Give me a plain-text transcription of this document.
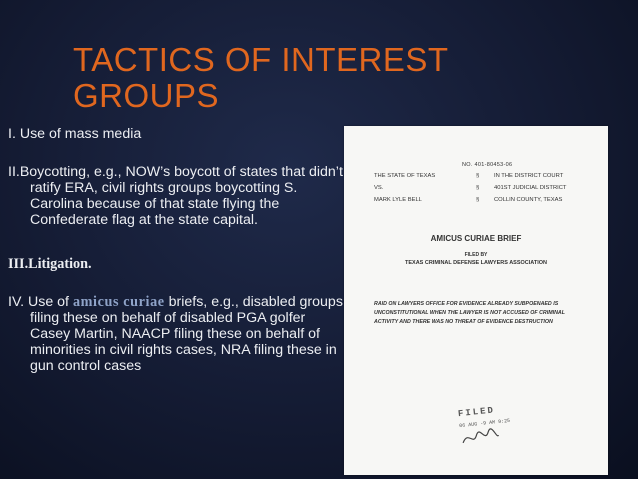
TACTICS OF INTEREST
GROUPS
I. Use of mass media
II.Boycotting, e.g., NOW’s boycott of states that didn’t ratify ERA, civil rights groups boycotting S. Carolina because of that state flying the Confederate flag at the state capital.
III.Litigation.
IV. Use of amicus curiae briefs, e.g., disabled groups filing these on behalf of disabled PGA golfer Casey Martin, NAACP filing these on behalf of minorities in civil rights cases, NRA filing these in gun control cases
NO. 401-80453-06
THE STATE OF TEXAS	§	IN THE DISTRICT COURT
VS.	§	401ST JUDICIAL DISTRICT
MARK LYLE BELL	§	COLLIN COUNTY, TEXAS
AMICUS CURIAE BRIEF
FILED BY
TEXAS CRIMINAL DEFENSE LAWYERS ASSOCIATION
RAID ON LAWYERS OFFICE FOR EVIDENCE ALREADY SUBPOENAED IS UNCONSTITUTIONAL WHEN THE LAWYER IS NOT ACCUSED OF CRIMINAL ACTIVITY AND THERE WAS NO THREAT OF EVIDENCE DESTRUCTION
FILED
06 AUG -9 AM 9:25
